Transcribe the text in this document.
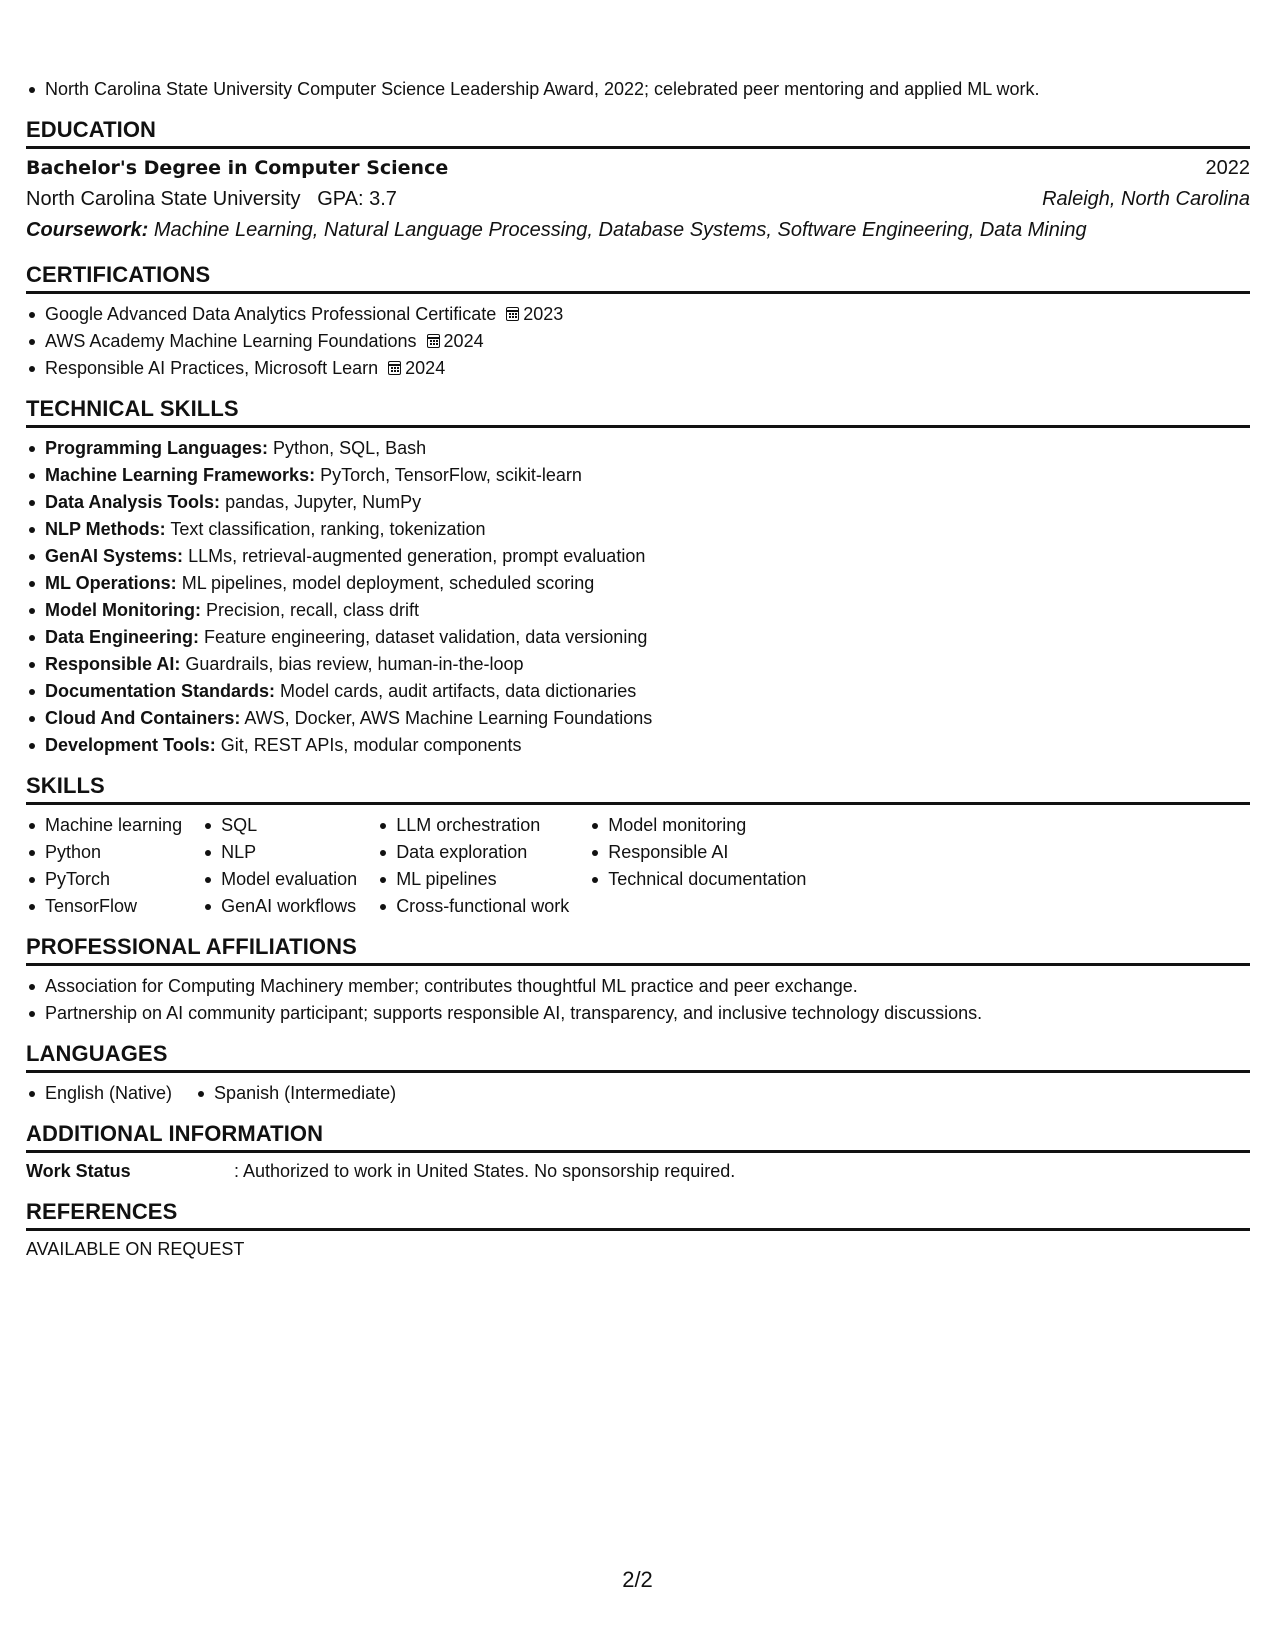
North Carolina State University Computer Science Leadership Award, 2022; celebrated peer mentoring and applied ML work.
EDUCATION
Bachelor's Degree in Computer Science	2022
North Carolina State University GPA: 3.7	Raleigh, North Carolina
Coursework: Machine Learning, Natural Language Processing, Database Systems, Software Engineering, Data Mining
CERTIFICATIONS
Google Advanced Data Analytics Professional Certificate 2023
AWS Academy Machine Learning Foundations 2024
Responsible AI Practices, Microsoft Learn 2024
TECHNICAL SKILLS
Programming Languages: Python, SQL, Bash
Machine Learning Frameworks: PyTorch, TensorFlow, scikit-learn
Data Analysis Tools: pandas, Jupyter, NumPy
NLP Methods: Text classification, ranking, tokenization
GenAI Systems: LLMs, retrieval-augmented generation, prompt evaluation
ML Operations: ML pipelines, model deployment, scheduled scoring
Model Monitoring: Precision, recall, class drift
Data Engineering: Feature engineering, dataset validation, data versioning
Responsible AI: Guardrails, bias review, human-in-the-loop
Documentation Standards: Model cards, audit artifacts, data dictionaries
Cloud And Containers: AWS, Docker, AWS Machine Learning Foundations
Development Tools: Git, REST APIs, modular components
SKILLS
Machine learning
Python
PyTorch
TensorFlow
SQL
NLP
Model evaluation
GenAI workflows
LLM orchestration
Data exploration
ML pipelines
Cross-functional work
Model monitoring
Responsible AI
Technical documentation
PROFESSIONAL AFFILIATIONS
Association for Computing Machinery member; contributes thoughtful ML practice and peer exchange.
Partnership on AI community participant; supports responsible AI, transparency, and inclusive technology discussions.
LANGUAGES
English (Native)	Spanish (Intermediate)
ADDITIONAL INFORMATION
Work Status	: Authorized to work in United States. No sponsorship required.
REFERENCES
AVAILABLE ON REQUEST
2/2
